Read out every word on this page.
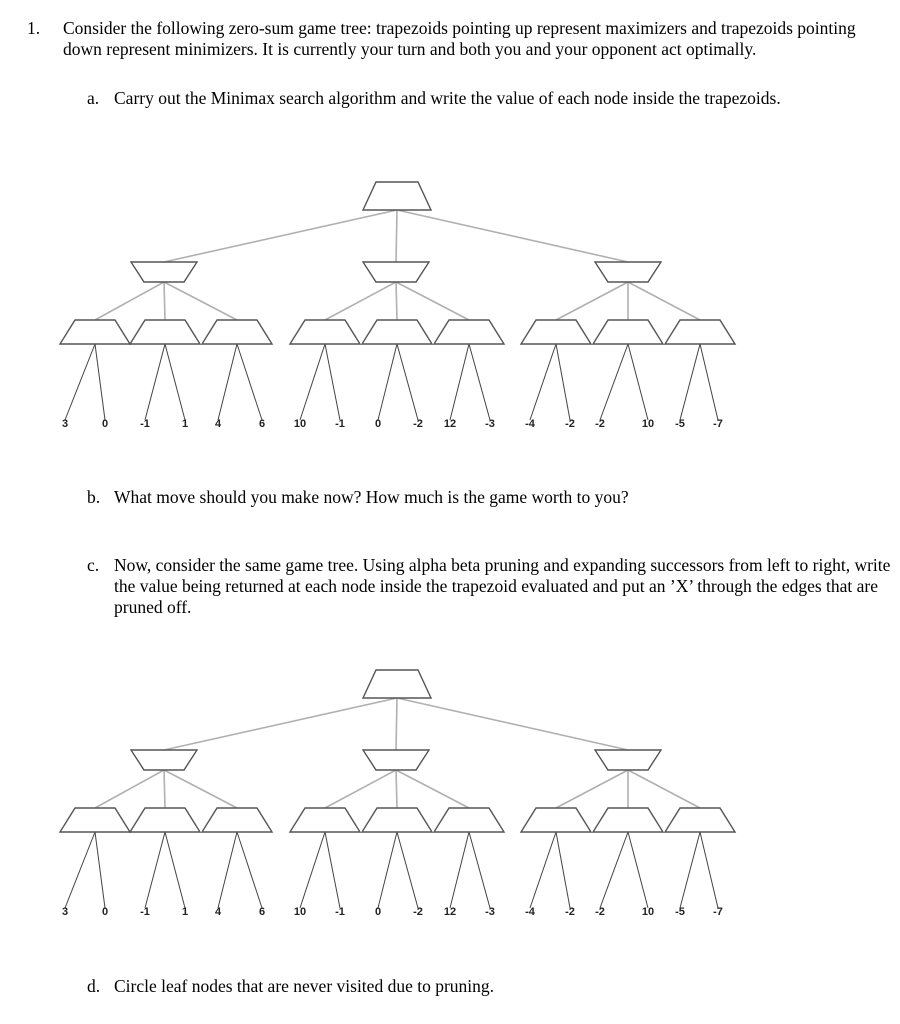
1. Consider the following zero-sum game tree: trapezoids pointing up represent maximizers and trapezoids pointing down represent minimizers. It is currently your turn and both you and your opponent act optimally.

a. Carry out the Minimax search algorithm and write the value of each node inside the trapezoids.
3	0	-1	1 4	6	10	-1	0	-2 12	-3	-4	-2 -2	10 -5	-7
b. What move should you make now? How much is the game worth to you?
c. Now, consider the same game tree. Using alpha beta pruning and expanding successors from left to right, write the value being returned at each node inside the trapezoid evaluated and put an ’X’ through the edges that are pruned off.
3	0	-1	1 4	6	10	-1	0	-2 12	-3	-4	-2 -2	10 -5	-7
d. Circle leaf nodes that are never visited due to pruning.
